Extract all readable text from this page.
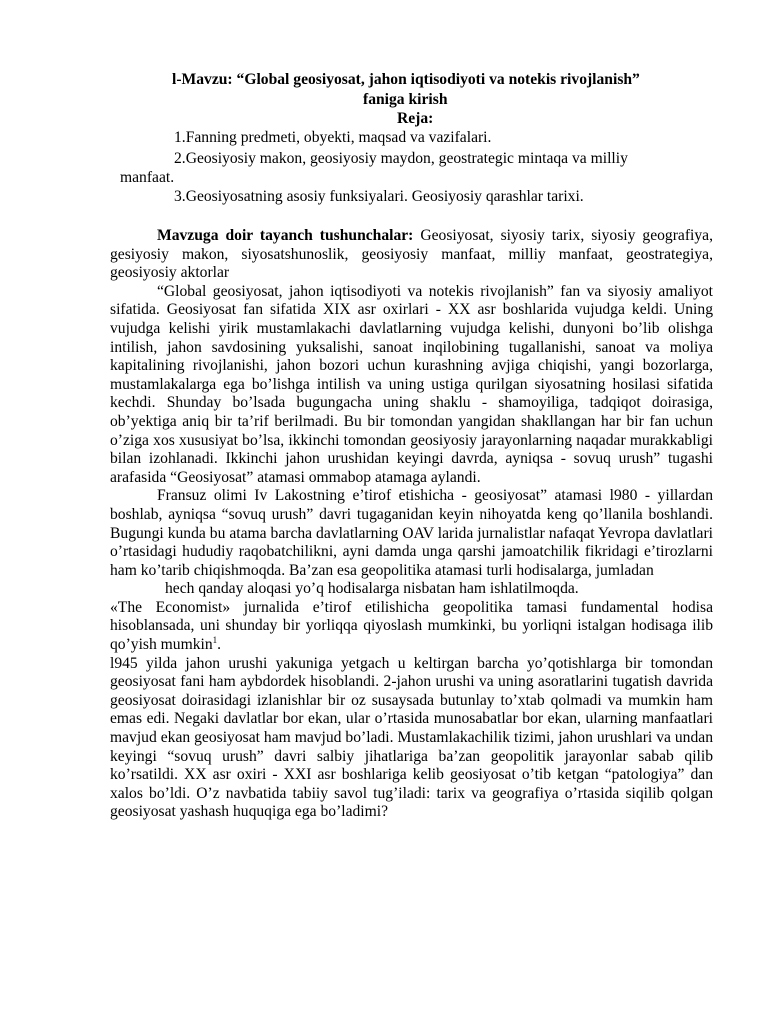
l-Mavzu: “Global geosiyosat, jahon iqtisodiyoti va notekis rivojlanish”
faniga kirish
Reja:
1.Fanning predmeti, obyekti, maqsad va vazifalari.
2.Geosiyosiy makon, geosiyosiy maydon, geostrategic mintaqa va milliy
manfaat.
3.Geosiyosatning asosiy funksiyalari. Geosiyosiy qarashlar tarixi.

Mavzuga doir tayanch tushunchalar: Geosiyosat, siyosiy tarix, siyosiy geografiya, gesiyosiy makon, siyosatshunoslik, geosiyosiy manfaat, milliy manfaat, geostrategiya, geosiyosiy aktorlar

“Global geosiyosat, jahon iqtisodiyoti va notekis rivojlanish” fan va siyosiy amaliyot sifatida. Geosiyosat fan sifatida XIX asr oxirlari - XX asr boshlarida vujudga keldi. Uning vujudga kelishi yirik mustamlakachi davlatlarning vujudga kelishi, dunyoni bo’lib olishga intilish, jahon savdosining yuksalishi, sanoat inqilobining tugallanishi, sanoat va moliya kapitalining rivojlanishi, jahon bozori uchun kurashning avjiga chiqishi, yangi bozorlarga, mustamlakalarga ega bo’lishga intilish va uning ustiga qurilgan siyosatning hosilasi sifatida kechdi. Shunday bo’lsada bugungacha uning shaklu - shamoyiliga, tadqiqot doirasiga, ob’yektiga aniq bir ta’rif berilmadi. Bu bir tomondan yangidan shakllangan har bir fan uchun o’ziga xos xususiyat bo’lsa, ikkinchi tomondan geosiyosiy jarayonlarning naqadar murakkabligi bilan izohlanadi. Ikkinchi jahon urushidan keyingi davrda, ayniqsa - sovuq urush” tugashi arafasida “Geosiyosat” atamasi ommabop atamaga aylandi.

Fransuz olimi Iv Lakostning e’tirof etishicha - geosiyosat” atamasi l980 - yillardan boshlab, ayniqsa “sovuq urush” davri tugaganidan keyin nihoyatda keng qo’llanila boshlandi. Bugungi kunda bu atama barcha davlatlarning OAV larida jurnalistlar nafaqat Yevropa davlatlari o’rtasidagi hududiy raqobatchilikni, ayni damda unga qarshi jamoatchilik fikridagi e’tirozlarni ham ko’tarib chiqishmoqda. Ba’zan esa geopolitika atamasi turli hodisalarga, jumladan

hech qanday aloqasi yo’q hodisalarga nisbatan ham ishlatilmoqda.

«The Economist» jurnalida e’tirof etilishicha geopolitika tamasi fundamental hodisa hisoblansada, uni shunday bir yorliqqa qiyoslash mumkinki, bu yorliqni istalgan hodisaga ilib qo’yish mumkin$^1$.

l945 yilda jahon urushi yakuniga yetgach u keltirgan barcha yo’qotishlarga bir tomondan geosiyosat fani ham aybdordek hisoblandi. 2-jahon urushi va uning asoratlarini tugatish davrida geosiyosat doirasidagi izlanishlar bir oz susaysada butunlay to’xtab qolmadi va mumkin ham emas edi. Negaki davlatlar bor ekan, ular o’rtasida munosabatlar bor ekan, ularning manfaatlari mavjud ekan geosiyosat ham mavjud bo’ladi. Mustamlakachilik tizimi, jahon urushlari va undan keyingi “sovuq urush” davri salbiy jihatlariga ba’zan geopolitik jarayonlar sabab qilib ko’rsatildi. XX asr oxiri - XXI asr boshlariga kelib geosiyosat o’tib ketgan “patologiya” dan xalos bo’ldi. O’z navbatida tabiiy savol tug’iladi: tarix va geografiya o’rtasida siqilib qolgan geosiyosat yashash huquqiga ega bo’ladimi?
